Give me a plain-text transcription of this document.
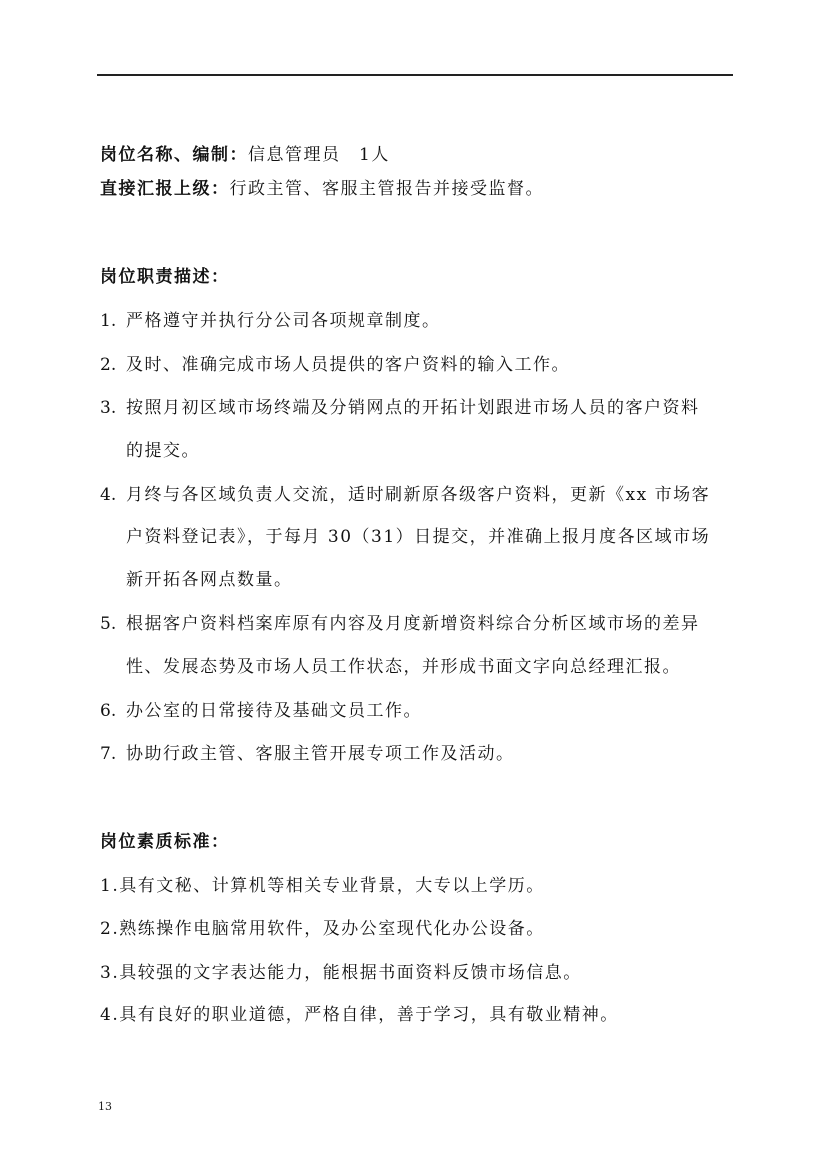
岗位名称、编制：信息管理员　1人
直接汇报上级：行政主管、客服主管报告并接受监督。
岗位职责描述：
1. 严格遵守并执行分公司各项规章制度。
2. 及时、准确完成市场人员提供的客户资料的输入工作。
3. 按照月初区域市场终端及分销网点的开拓计划跟进市场人员的客户资料
的提交。
4. 月终与各区域负责人交流，适时刷新原各级客户资料，更新《xx 市场客
户资料登记表》，于每月 30（31）日提交，并准确上报月度各区域市场
新开拓各网点数量。
5. 根据客户资料档案库原有内容及月度新增资料综合分析区域市场的差异
性、发展态势及市场人员工作状态，并形成书面文字向总经理汇报。
6. 办公室的日常接待及基础文员工作。
7. 协助行政主管、客服主管开展专项工作及活动。
岗位素质标准：
1.具有文秘、计算机等相关专业背景，大专以上学历。
2.熟练操作电脑常用软件，及办公室现代化办公设备。
3.具较强的文字表达能力，能根据书面资料反馈市场信息。
4.具有良好的职业道德，严格自律，善于学习，具有敬业精神。
13
